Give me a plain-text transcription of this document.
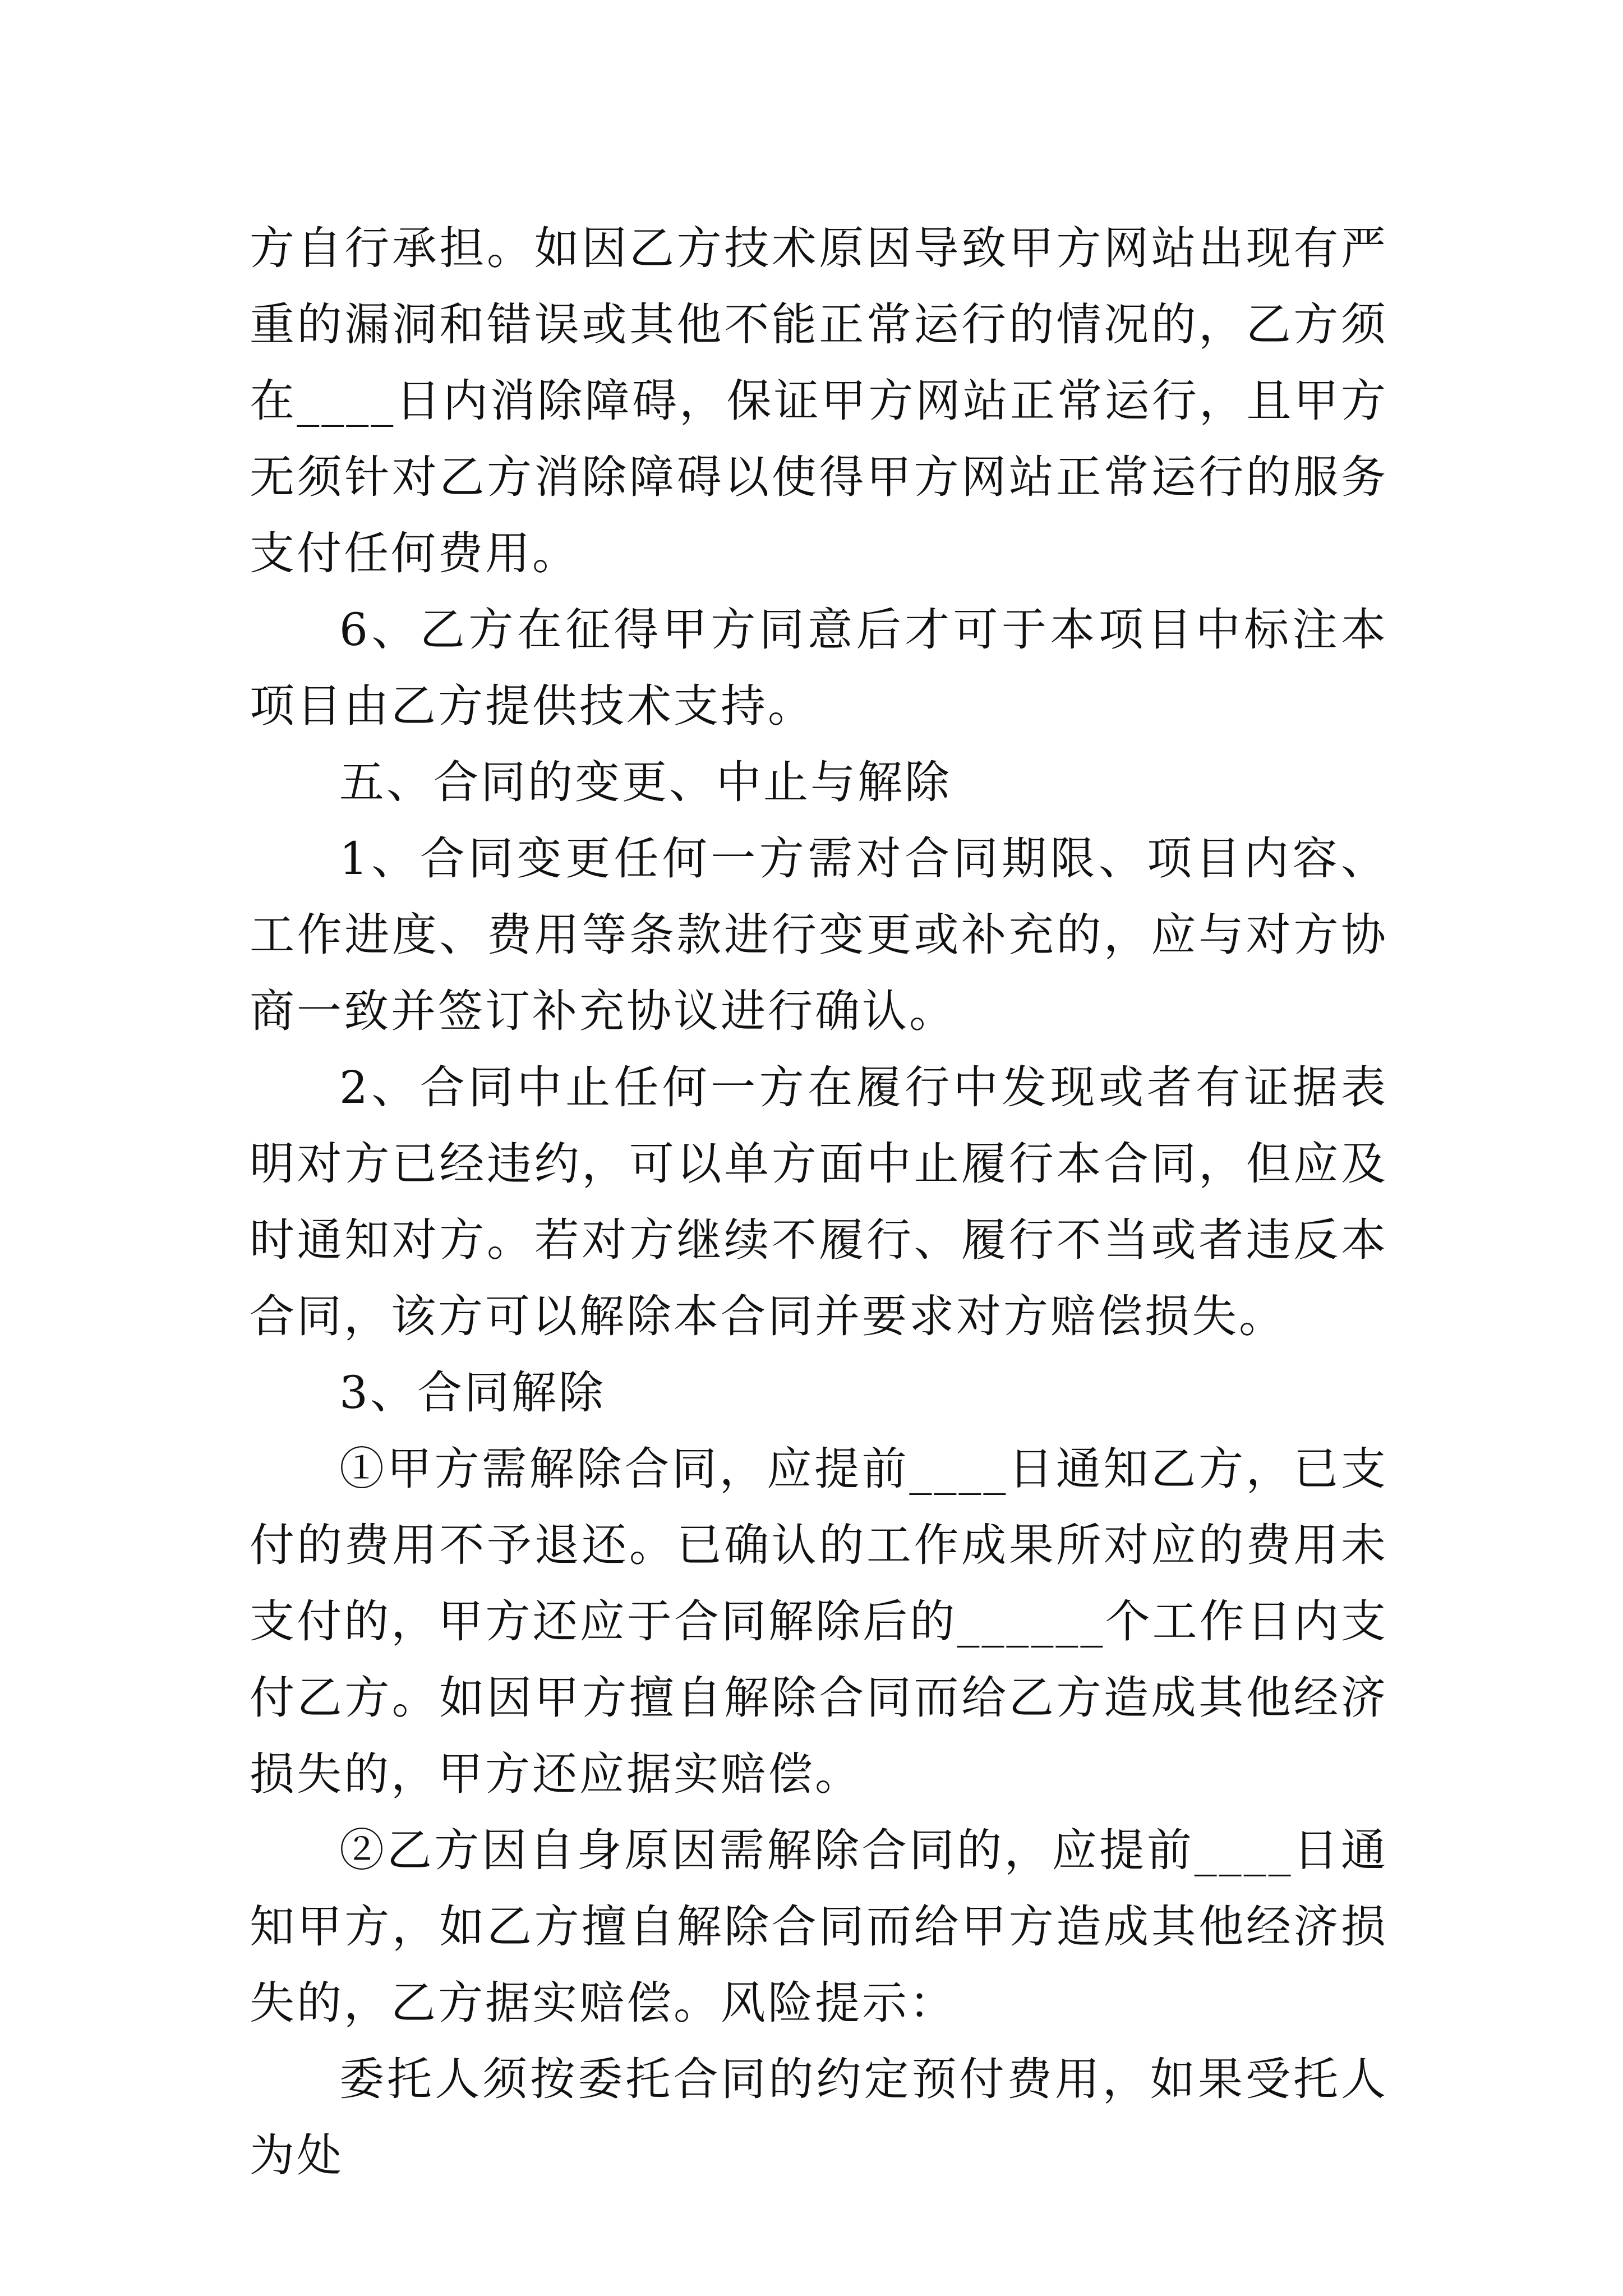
方自行承担。如因乙方技术原因导致甲方网站出现有严重的漏洞和错误或其他不能正常运行的情况的，乙方须在____日内消除障碍，保证甲方网站正常运行，且甲方无须针对乙方消除障碍以使得甲方网站正常运行的服务支付任何费用。

6、乙方在征得甲方同意后才可于本项目中标注本项目由乙方提供技术支持。

五、合同的变更、中止与解除

1、合同变更任何一方需对合同期限、项目内容、工作进度、费用等条款进行变更或补充的，应与对方协商一致并签订补充协议进行确认。

2、合同中止任何一方在履行中发现或者有证据表明对方已经违约，可以单方面中止履行本合同，但应及时通知对方。若对方继续不履行、履行不当或者违反本合同，该方可以解除本合同并要求对方赔偿损失。

3、合同解除

①甲方需解除合同，应提前____日通知乙方，已支付的费用不予退还。已确认的工作成果所对应的费用未支付的，甲方还应于合同解除后的______个工作日内支付乙方。如因甲方擅自解除合同而给乙方造成其他经济损失的，甲方还应据实赔偿。

②乙方因自身原因需解除合同的，应提前____日通知甲方，如乙方擅自解除合同而给甲方造成其他经济损失的，乙方据实赔偿。风险提示：

委托人须按委托合同的约定预付费用，如果受托人为处
